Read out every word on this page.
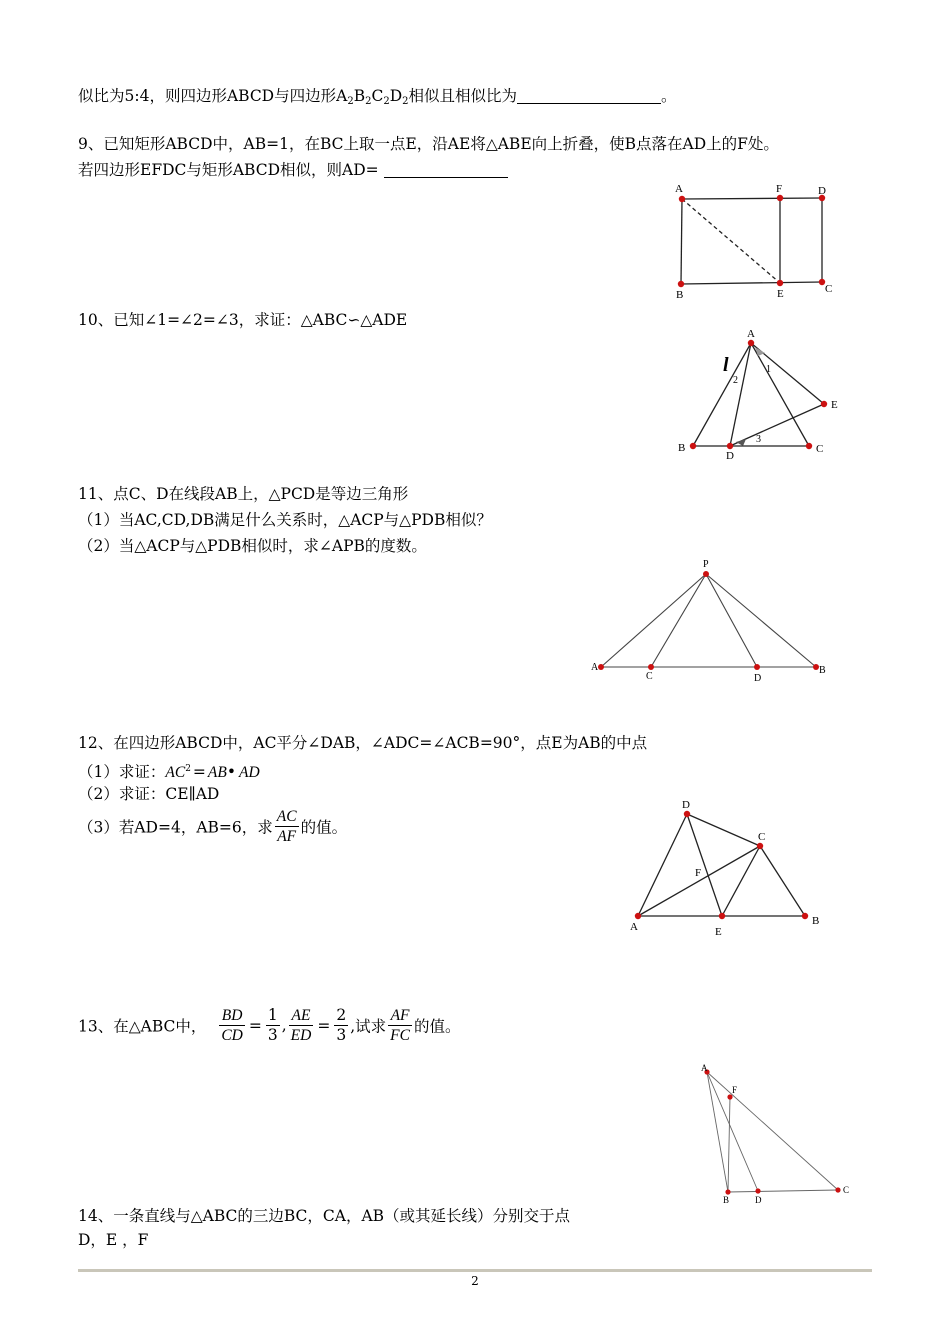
似比为5:4，则四边形ABCD与四边形$A_2B_2C_2D_2$相似且相似比为	。
9、已知矩形ABCD中，AB=1，在BC上取一点E，沿AE将△ABE向上折叠，使B点落在AD上的F处。
若四边形EFDC与矩形ABCD相似，则AD=
A	F	D
B	E	C
10、已知∠1=∠2=∠3，求证：△ABC∽△ADE
A
B	C
D
E
l	1
2
3
11、点C、D在线段AB上，△PCD是等边三角形
（1）当AC,CD,DB满足什么关系时，△ACP与△PDB相似？
（2）当△ACP与△PDB相似时，求∠APB的度数。
P
A
C	D
B
12、在四边形ABCD中，AC平分∠DAB，∠ADC=∠ACB=90°，点E为AB的中点
（1）求证：$AC^2$ = AB• AD
（2）求证：CE∥AD
（3）若AD=4，AB=6，求 $\frac{AC}{AF}$ 的值。
D
C
F
A	E
B
13、在△ABC中， $\frac{BD}{CD} = \frac{1}{3}$ , $\frac{AE}{ED} = \frac{2}{3}$ ,试求 $\frac{AF}{FC}$ 的值。
A
F
B	D
C
14、一条直线与△ABC的三边BC，CA，AB（或其延长线）分别交于点
D，E ，F
2
